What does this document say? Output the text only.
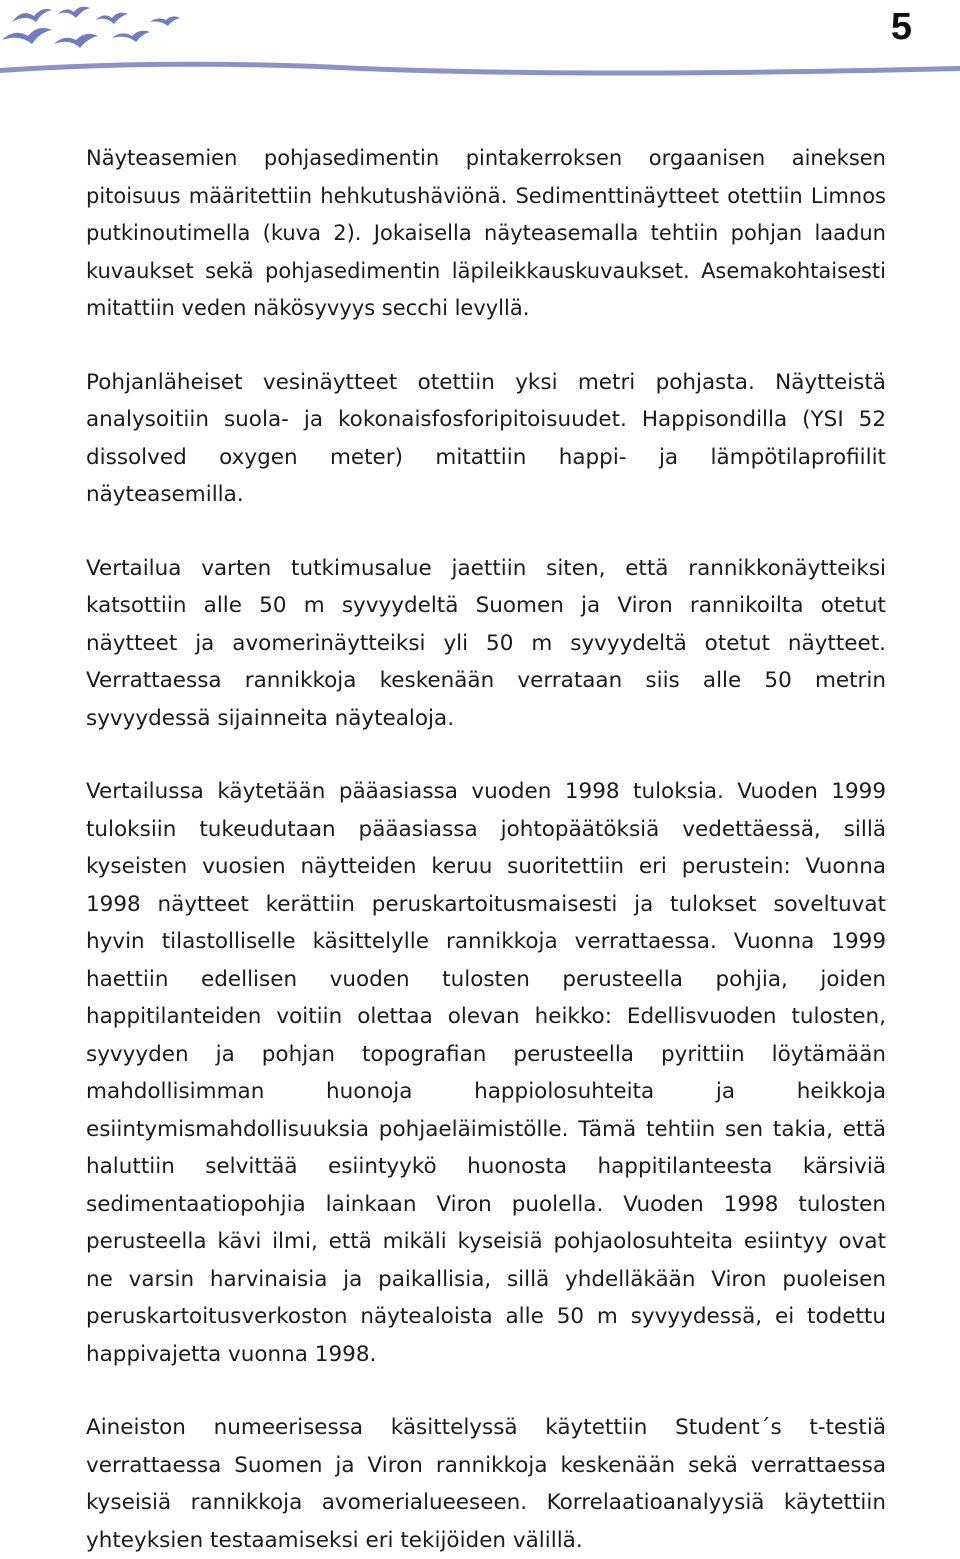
5

Näyteasemien pohjasedimentin pintakerroksen orgaanisen aineksen pitoisuus määritettiin hehkutushäviönä. Sedimenttinäytteet otettiin Limnos putkinoutimella (kuva 2). Jokaisella näyteasemalla tehtiin pohjan laadun kuvaukset sekä pohjasedimentin läpileikkauskuvaukset. Asemakohtaisesti mitattiin veden näkösyvyys secchi levyllä.

Pohjanläheiset vesinäytteet otettiin yksi metri pohjasta. Näytteistä analysoitiin suola- ja kokonaisfosforipitoisuudet. Happisondilla (YSI 52 dissolved oxygen meter) mitattiin happi- ja lämpötilaprofiilit näyteasemilla.

Vertailua varten tutkimusalue jaettiin siten, että rannikkonäytteiksi katsottiin alle 50 m syvyydeltä Suomen ja Viron rannikoilta otetut näytteet ja avomerinäytteiksi yli 50 m syvyydeltä otetut näytteet. Verrattaessa rannikkoja keskenään verrataan siis alle 50 metrin syvyydessä sijainneita näytealoja.

Vertailussa käytetään pääasiassa vuoden 1998 tuloksia. Vuoden 1999 tuloksiin tukeudutaan pääasiassa johtopäätöksiä vedettäessä, sillä kyseisten vuosien näytteiden keruu suoritettiin eri perustein: Vuonna 1998 näytteet kerättiin peruskartoitusmaisesti ja tulokset soveltuvat hyvin tilastolliselle käsittelylle rannikkoja verrattaessa. Vuonna 1999 haettiin edellisen vuoden tulosten perusteella pohjia, joiden happitilanteiden voitiin olettaa olevan heikko: Edellisvuoden tulosten, syvyyden ja pohjan topografian perusteella pyrittiin löytämään mahdollisimman huonoja happiolosuhteita ja heikkoja esiintymismahdollisuuksia pohjaeläimistölle. Tämä tehtiin sen takia, että haluttiin selvittää esiintyykö huonosta happitilanteesta kärsiviä sedimentaatiopohjia lainkaan Viron puolella. Vuoden 1998 tulosten perusteella kävi ilmi, että mikäli kyseisiä pohjaolosuhteita esiintyy ovat ne varsin harvinaisia ja paikallisia, sillä yhdelläkään Viron puoleisen peruskartoitusverkoston näytealoista alle 50 m syvyydessä, ei todettu happivajetta vuonna 1998.

Aineiston numeerisessa käsittelyssä käytettiin Student´s t-testiä verrattaessa Suomen ja Viron rannikkoja keskenään sekä verrattaessa kyseisiä rannikkoja avomerialueeseen. Korrelaatioanalyysiä käytettiin yhteyksien testaamiseksi eri tekijöiden välillä.
